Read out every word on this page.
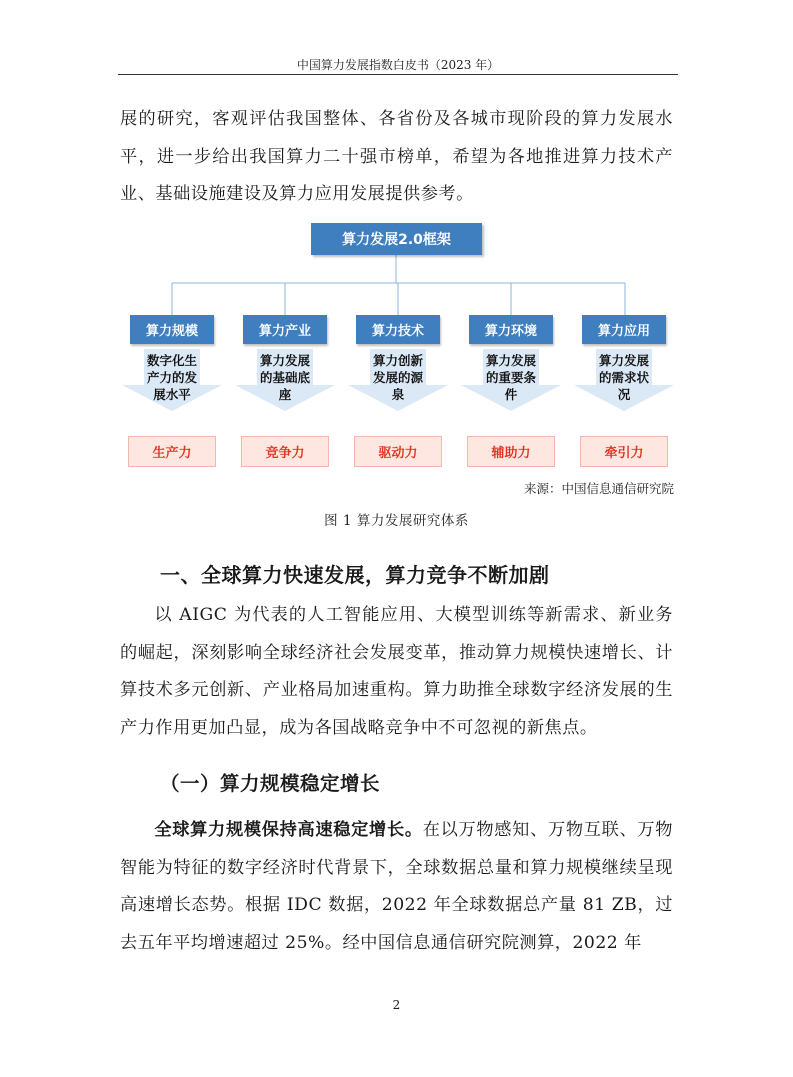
中国算力发展指数白皮书（2023 年）
展的研究，客观评估我国整体、各省份及各城市现阶段的算力发展水平，进一步给出我国算力二十强市榜单，希望为各地推进算力技术产业、基础设施建设及算力应用发展提供参考。
算力发展2.0框架
算力规模
数字化生产力的发展水平
生产力
算力产业
算力发展的基础底座
竞争力
算力技术
算力创新发展的源泉
驱动力
算力环境
算力发展的重要条件
辅助力
算力应用
算力发展的需求状况
牵引力
来源：中国信息通信研究院
图 1 算力发展研究体系
一、全球算力快速发展，算力竞争不断加剧
以 AIGC 为代表的人工智能应用、大模型训练等新需求、新业务的崛起，深刻影响全球经济社会发展变革，推动算力规模快速增长、计算技术多元创新、产业格局加速重构。算力助推全球数字经济发展的生产力作用更加凸显，成为各国战略竞争中不可忽视的新焦点。
（一）算力规模稳定增长
全球算力规模保持高速稳定增长。在以万物感知、万物互联、万物智能为特征的数字经济时代背景下，全球数据总量和算力规模继续呈现高速增长态势。根据 IDC 数据，2022 年全球数据总产量 81 ZB，过去五年平均增速超过 25%。经中国信息通信研究院测算，2022 年
2
